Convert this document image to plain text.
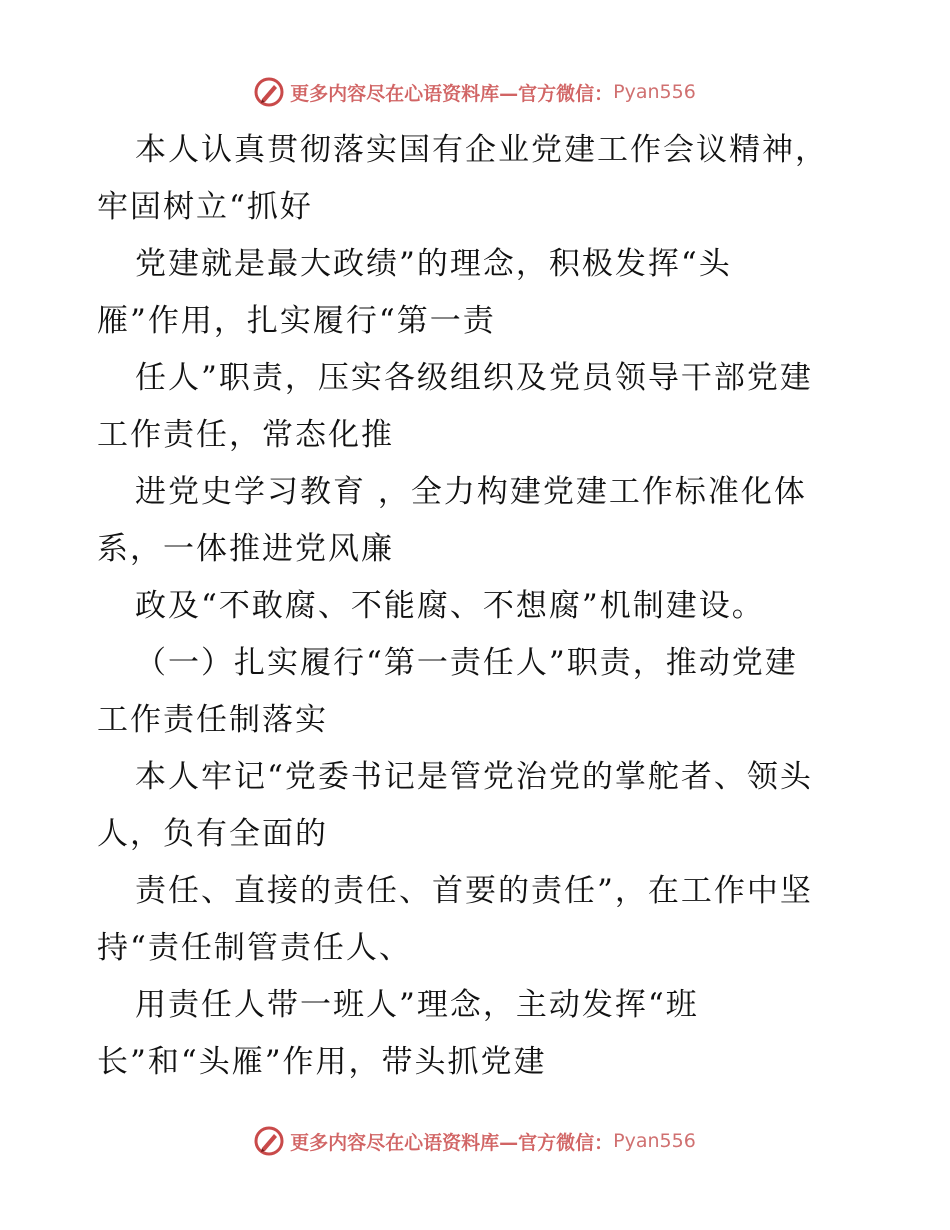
更多内容尽在心语资料库—官方微信： Pyan556
本人认真贯彻落实国有企业党建工作会议精神，
牢固树立“抓好
党建就是最大政绩”的理念，积极发挥“头
雁”作用，扎实履行“第一责
任人”职责，压实各级组织及党员领导干部党建
工作责任，常态化推
进党史学习教育 ，全力构建党建工作标准化体
系，一体推进党风廉
政及“不敢腐、不能腐、不想腐”机制建设。
（一）扎实履行“第一责任人”职责，推动党建
工作责任制落实
本人牢记“党委书记是管党治党的掌舵者、领头
人，负有全面的
责任、直接的责任、首要的责任”，在工作中坚
持“责任制管责任人、
用责任人带一班人”理念，主动发挥“班
长”和“头雁”作用，带头抓党建
更多内容尽在心语资料库—官方微信： Pyan556
